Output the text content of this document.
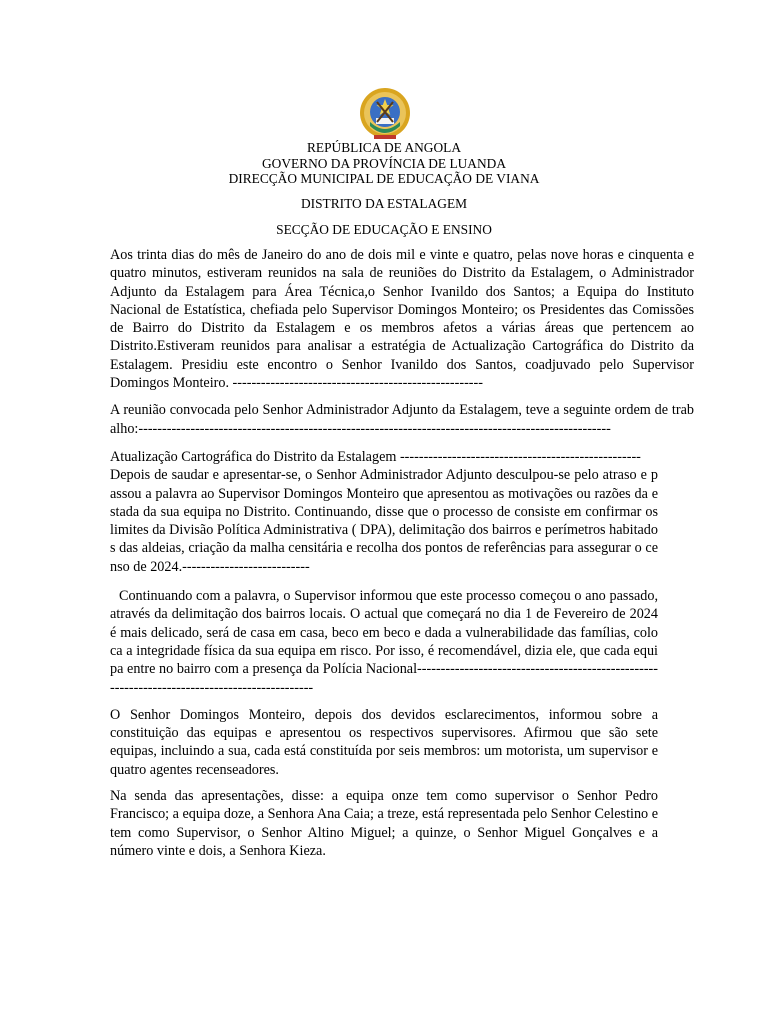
REPÚBLICA DE ANGOLA
GOVERNO DA PROVÍNCIA DE LUANDA
DIRECÇÃO MUNICIPAL DE EDUCAÇÃO DE VIANA
DISTRITO DA ESTALAGEM
SECÇÃO DE EDUCAÇÃO E ENSINO

Aos trinta dias do mês de Janeiro do ano de dois mil e vinte e quatro, pelas nove horas e cinquenta e quatro minutos, estiveram reunidos na sala de reuniões do Distrito da Estalagem, o Administrador Adjunto da Estalagem para Área Técnica,o Senhor Ivanildo dos Santos; a Equipa do Instituto Nacional de Estatística, chefiada pelo Supervisor Domingos Monteiro; os Presidentes das Comissões de Bairro do Distrito da Estalagem e os membros afetos a várias áreas que pertencem ao Distrito.Estiveram reunidos para analisar a estratégia de Actualização Cartográfica do Distrito da Estalagem. Presidiu este encontro o Senhor Ivanildo dos Santos, coadjuvado pelo Supervisor Domingos Monteiro. -----------------------------------------------------

A reunião convocada pelo Senhor Administrador Adjunto da Estalagem, teve a seguinte ordem de trabalho:----------------------------------------------------------------------------------------------------

Atualização Cartográfica do Distrito da Estalagem ---------------------------------------------------

Depois de saudar e apresentar-se, o Senhor Administrador Adjunto desculpou-se pelo atraso e passou a palavra ao Supervisor Domingos Monteiro que apresentou as motivações ou razões da estada da sua equipa no Distrito. Continuando, disse que o processo de consiste em confirmar os limites da Divisão Política Administrativa ( DPA), delimitação dos bairros e perímetros habitados das aldeias, criação da malha censitária e recolha dos pontos de referências para assegurar o censo de 2024.---------------------------

Continuando com a palavra, o Supervisor informou que este processo começou o ano passado, através da delimitação dos bairros locais. O actual que começará no dia 1 de Fevereiro de 2024 é mais delicado, será de casa em casa, beco em beco e dada a vulnerabilidade das famílias, coloca a integridade física da sua equipa em risco. Por isso, é recomendável, dizia ele, que cada equipa entre no bairro com a presença da Polícia Nacional----------------------------------------------------------------------------------------------

O Senhor Domingos Monteiro, depois dos devidos esclarecimentos, informou sobre a constituição das equipas e apresentou os respectivos supervisores. Afirmou que são sete equipas, incluindo a sua, cada está constituída por seis membros: um motorista, um supervisor e quatro agentes recenseadores.

Na senda das apresentações, disse: a equipa onze tem como supervisor o Senhor Pedro Francisco; a equipa doze, a Senhora Ana Caia; a treze, está representada pelo Senhor Celestino e tem como Supervisor, o Senhor Altino Miguel; a quinze, o Senhor Miguel Gonçalves e a número vinte e dois, a Senhora Kieza.
